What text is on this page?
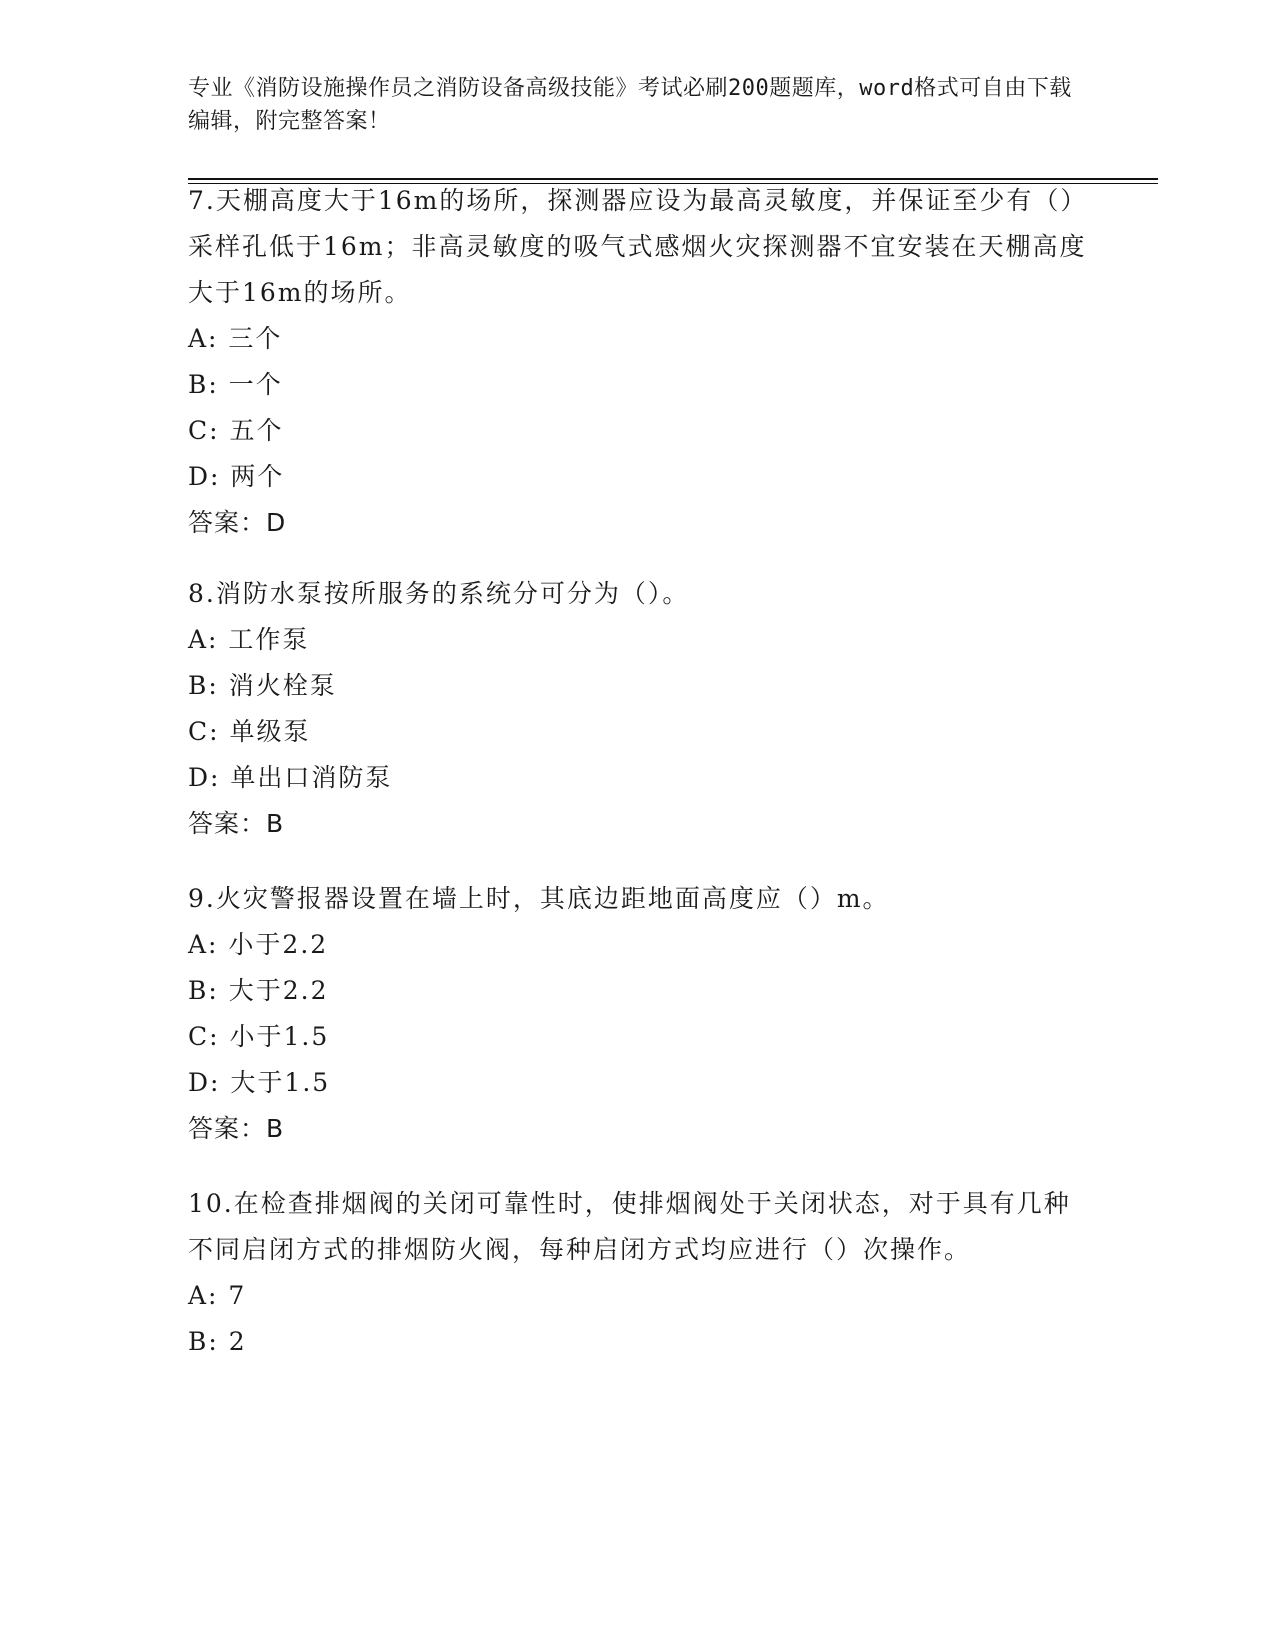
专业《消防设施操作员之消防设备高级技能》考试必刷200题题库，word格式可自由下载编辑，附完整答案！
7.天棚高度大于16m的场所，探测器应设为最高灵敏度，并保证至少有（）采样孔低于16m；非高灵敏度的吸气式感烟火灾探测器不宜安装在天棚高度大于16m的场所。
A: 三个
B: 一个
C: 五个
D: 两个
答案：D
8.消防水泵按所服务的系统分可分为（）。
A: 工作泵
B: 消火栓泵
C: 单级泵
D: 单出口消防泵
答案：B
9.火灾警报器设置在墙上时，其底边距地面高度应（）m。
A: 小于2.2
B: 大于2.2
C: 小于1.5
D: 大于1.5
答案：B
10.在检查排烟阀的关闭可靠性时，使排烟阀处于关闭状态，对于具有几种不同启闭方式的排烟防火阀，每种启闭方式均应进行（）次操作。
A: 7
B: 2
